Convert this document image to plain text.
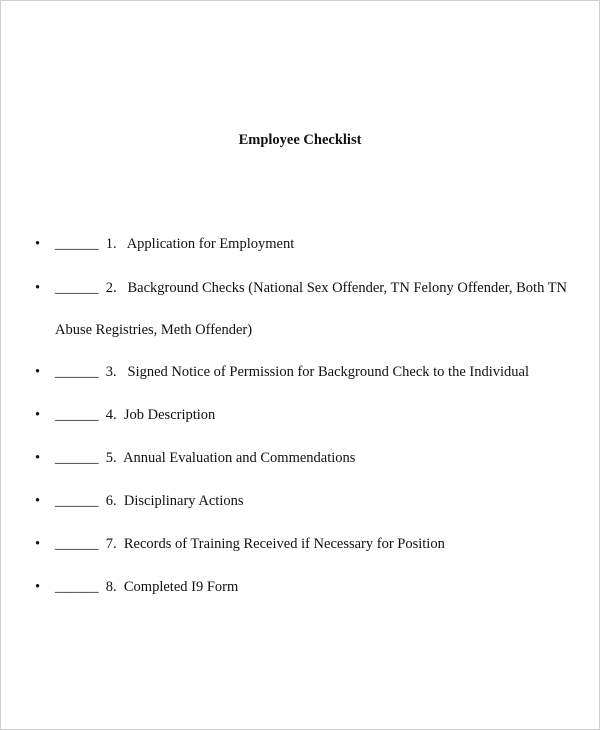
Employee Checklist
• ______ 1. Application for Employment
• ______ 2. Background Checks (National Sex Offender, TN Felony Offender, Both TN Abuse Registries, Meth Offender)
• ______ 3. Signed Notice of Permission for Background Check to the Individual
• ______ 4. Job Description
• ______ 5. Annual Evaluation and Commendations
• ______ 6. Disciplinary Actions
• ______ 7. Records of Training Received if Necessary for Position
• ______ 8. Completed I9 Form
